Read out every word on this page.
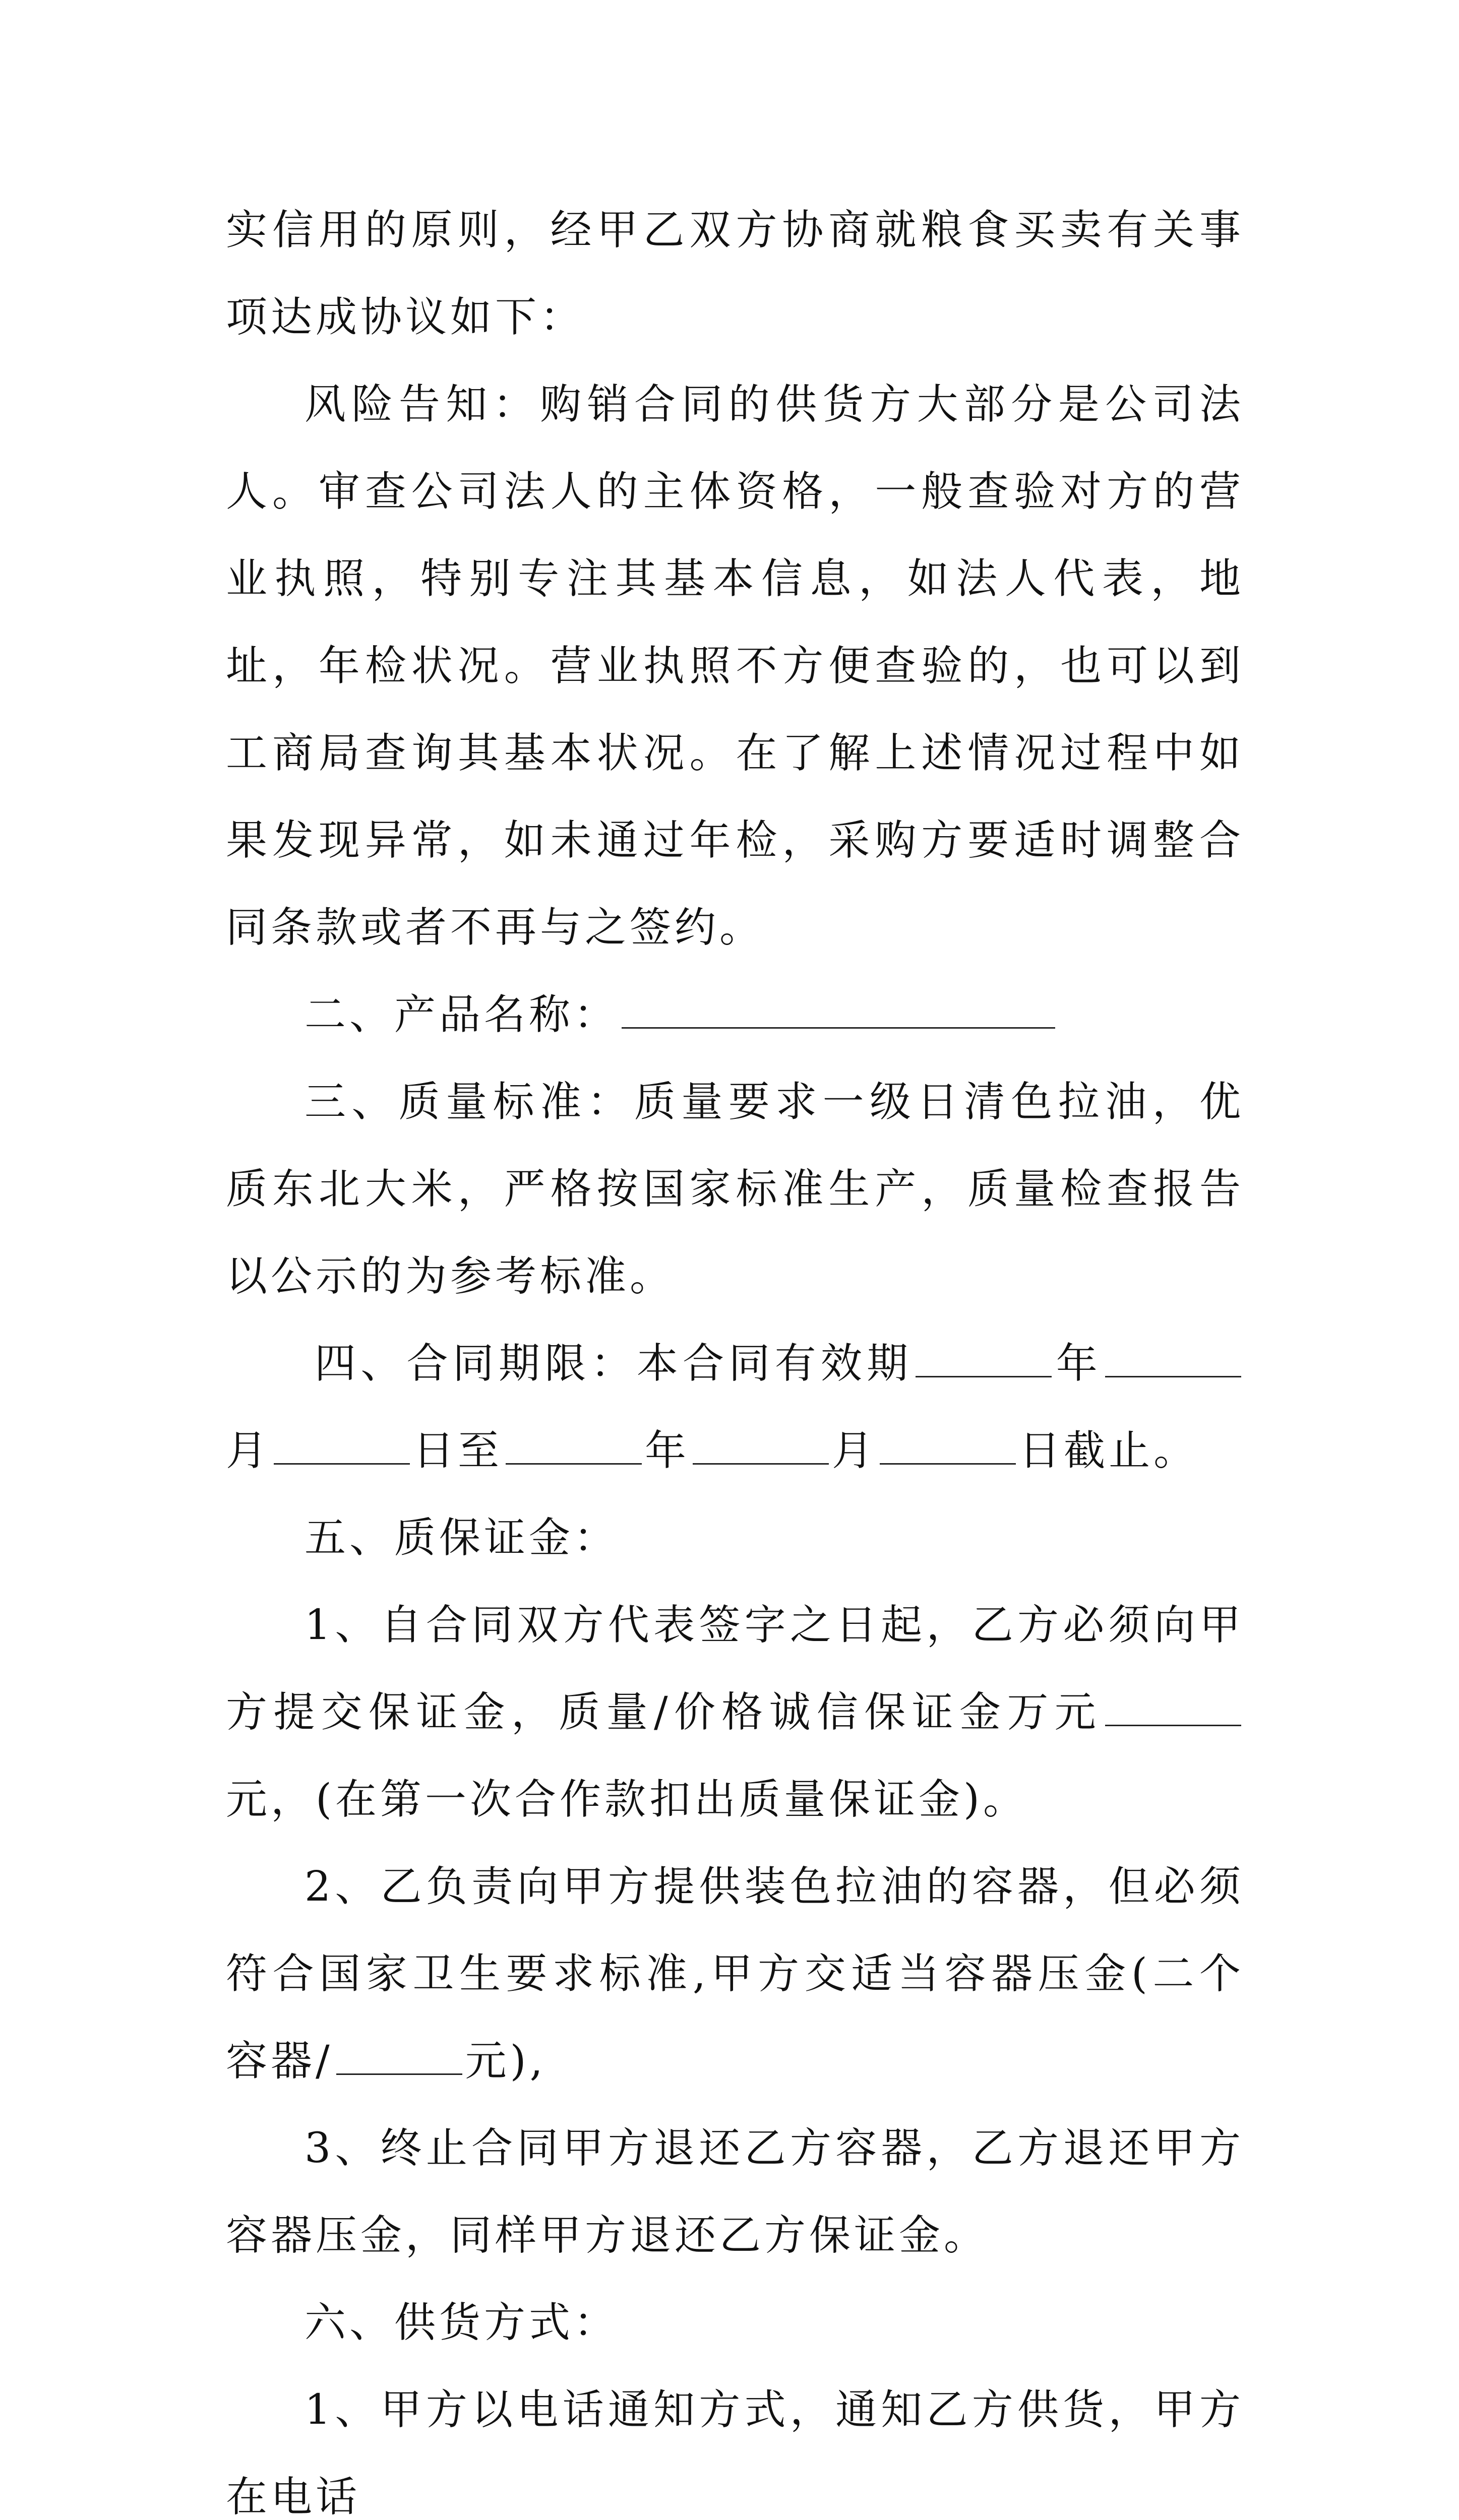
实信用的原则，经甲乙双方协商就粮食买卖有关事项达成协议如下：

风险告知：购销合同的供货方大部分是公司法人。审查公司法人的主体资格，一般查验对方的营业执照，特别专注其基本信息，如法人代表，地址，年检状况。营业执照不方便查验的，也可以到工商局查询其基本状况。在了解上述情况过程中如果发现异常，如未通过年检，采购方要适时调整合同条款或者不再与之签约。

二、产品名称：

三、质量标准：质量要求一级日清色拉油，优质东北大米，严格按国家标准生产，质量检查报告以公示的为参考标准。

四、合同期限：本合同有效期	年月	日至	年	月	日截止。

五、质保证金：

1、自合同双方代表签字之日起，乙方必须向甲方提交保证金，质量/价格诚信保证金万元元，(在第一次合作款扣出质量保证金)。

2、乙负责向甲方提供装色拉油的容器，但必须符合国家卫生要求标准,甲方交适当容器压金(二个容器/	元),

3、终止合同甲方退还乙方容器，乙方退还甲方容器压金，同样甲方退还乙方保证金。

六、供货方式：

1、甲方以电话通知方式，通知乙方供货，甲方在电话
